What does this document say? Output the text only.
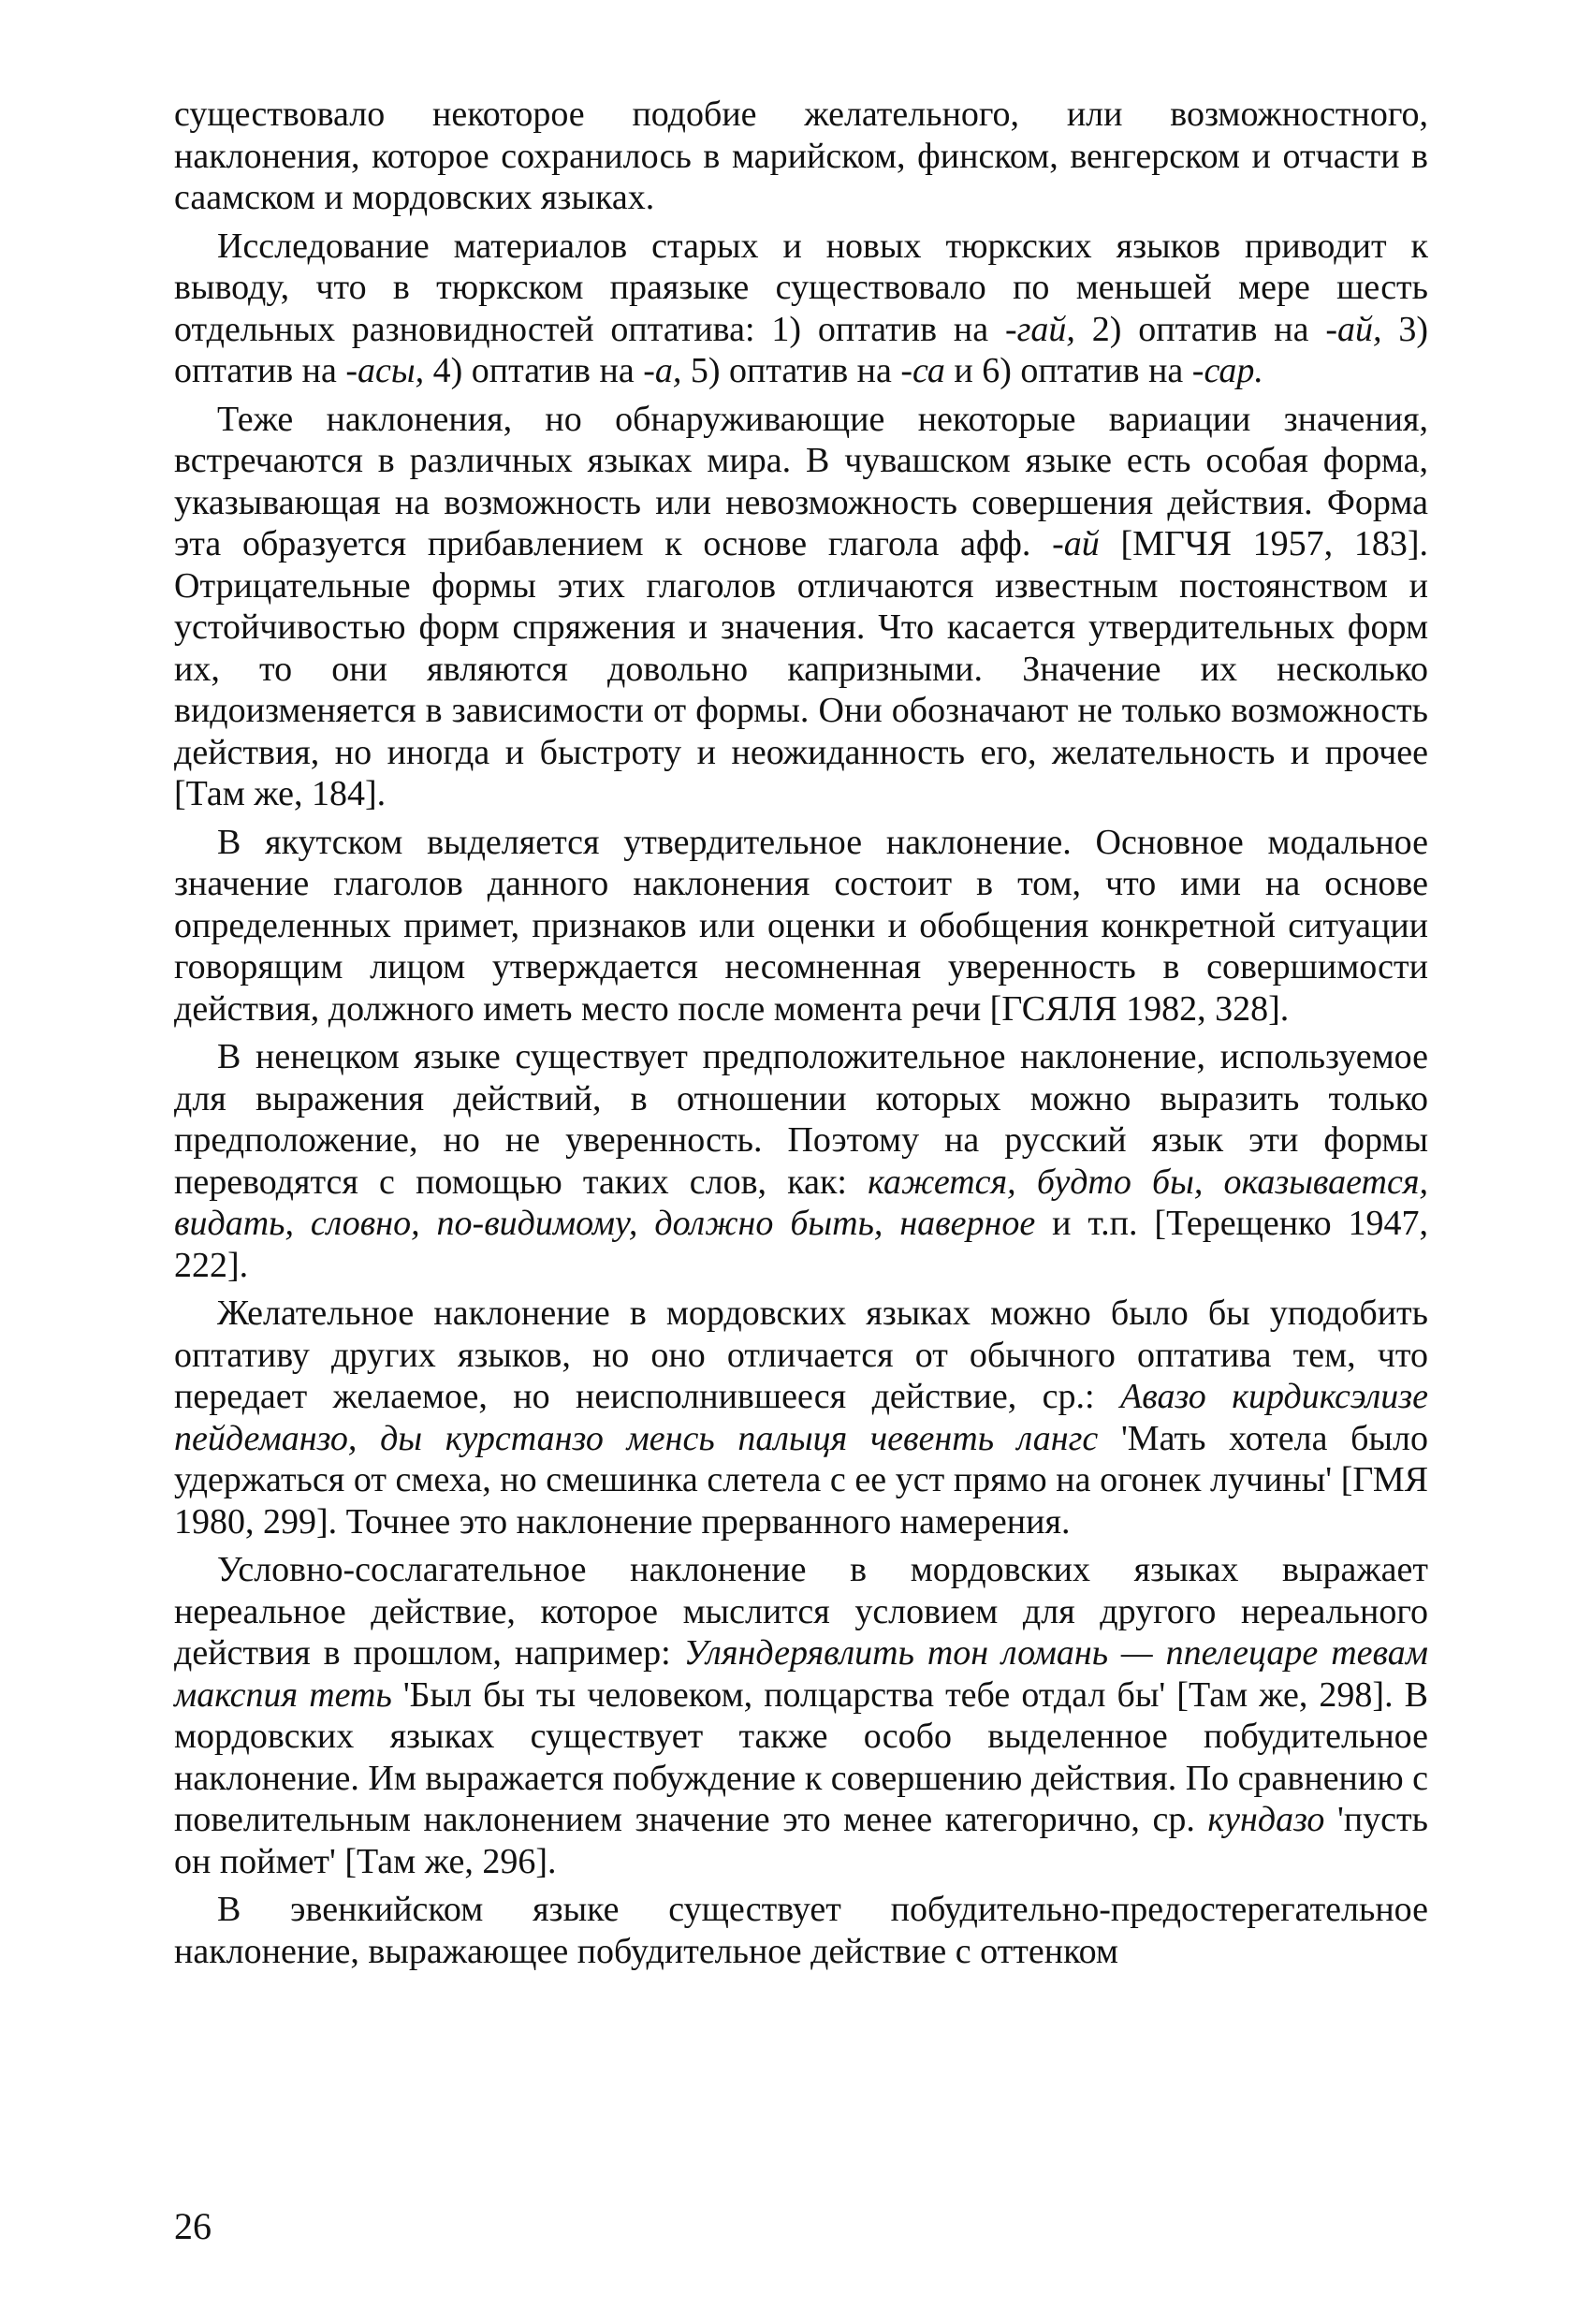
существовало некоторое подобие желательного, или возможностного, наклонения, которое сохранилось в марийском, финском, венгерском и отчасти в саамском и мордовских языках.

Исследование материалов старых и новых тюркских языков приводит к выводу, что в тюркском праязыке существовало по меньшей мере шесть отдельных разновидностей оптатива: 1) оптатив на -гай, 2) оптатив на -ай, 3) оптатив на -асы, 4) оптатив на -а, 5) оптатив на -са и 6) оптатив на -сар.

Теже наклонения, но обнаруживающие некоторые вариации значения, встречаются в различных языках мира. В чувашском языке есть особая форма, указывающая на возможность или невозможность совершения действия. Форма эта образуется прибавлением к основе глагола афф. -ай [МГЧЯ 1957, 183]. Отрицательные формы этих глаголов отличаются известным постоянством и устойчивостью форм спряжения и значения. Что касается утвердительных форм их, то они являются довольно капризными. Значение их несколько видоизменяется в зависимости от формы. Они обозначают не только возможность действия, но иногда и быстроту и неожиданность его, желательность и прочее [Там же, 184].

В якутском выделяется утвердительное наклонение. Основное модальное значение глаголов данного наклонения состоит в том, что ими на основе определенных примет, признаков или оценки и обобщения конкретной ситуации говорящим лицом утверждается несомненная уверенность в совершимости действия, должного иметь место после момента речи [ГСЯЛЯ 1982, 328].

В ненецком языке существует предположительное наклонение, используемое для выражения действий, в отношении которых можно выразить только предположение, но не уверенность. Поэтому на русский язык эти формы переводятся с помощью таких слов, как: кажется, будто бы, оказывается, видать, словно, по-видимому, должно быть, наверное и т.п. [Терещенко 1947, 222].

Желательное наклонение в мордовских языках можно было бы уподобить оптативу других языков, но оно отличается от обычного оптатива тем, что передает желаемое, но неисполнившееся действие, ср.: Авазо кирдиксэлизе пейдеманзо, ды курстанзо менсь палыця чевенть лангс 'Мать хотела было удержаться от смеха, но смешинка слетела с ее уст прямо на огонек лучины' [ГМЯ 1980, 299]. Точнее это наклонение прерванного намерения.

Условно-сослагательное наклонение в мордовских языках выражает нереальное действие, которое мыслится условием для другого нереального действия в прошлом, например: Уляндерявлить тон ломань — ппелецаре тевам макспия теть 'Был бы ты человеком, полцарства тебе отдал бы' [Там же, 298]. В мордовских языках существует также особо выделенное побудительное наклонение. Им выражается побуждение к совершению действия. По сравнению с повелительным наклонением значение это менее категорично, ср. кундазо 'пусть он поймет' [Там же, 296].

В эвенкийском языке существует побудительно-предостерегательное наклонение, выражающее побудительное действие с оттенком

26
